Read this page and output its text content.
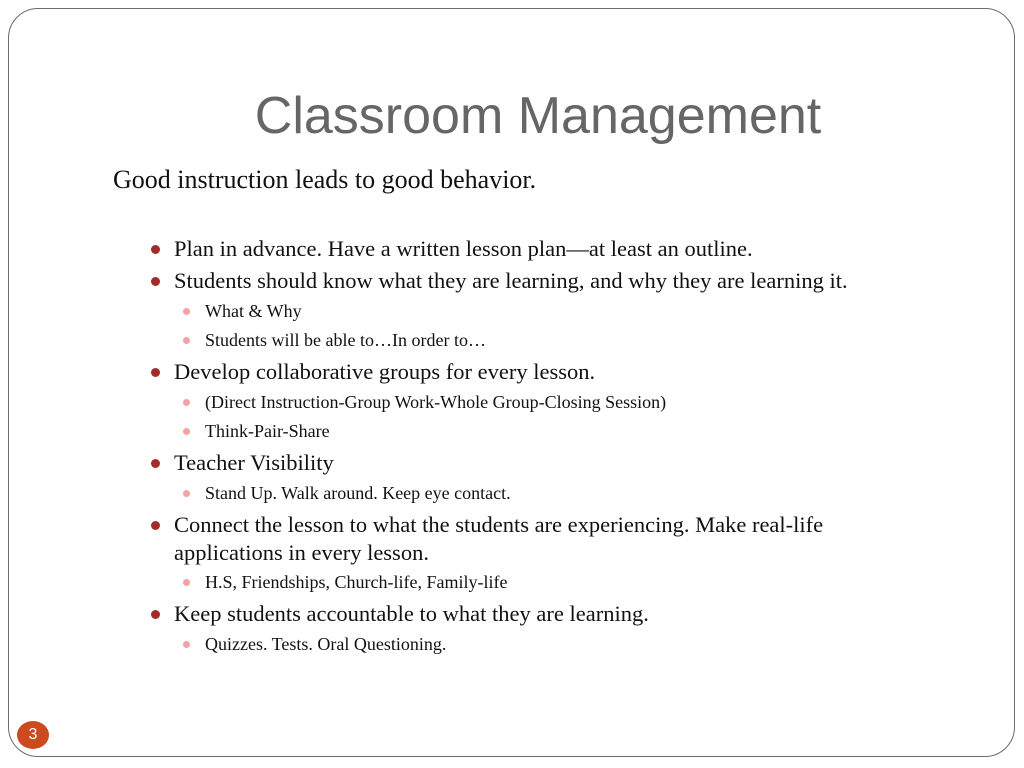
Classroom Management
Good instruction leads to good behavior.
Plan in advance. Have a written lesson plan—at least an outline.
Students should know what they are learning, and why they are learning it.
What & Why
Students will be able to…In order to…
Develop collaborative groups for every lesson.
(Direct Instruction-Group Work-Whole Group-Closing Session)
Think-Pair-Share
Teacher Visibility
Stand Up. Walk around. Keep eye contact.
Connect the lesson to what the students are experiencing. Make real-life applications in every lesson.
H.S, Friendships, Church-life, Family-life
Keep students accountable to what they are learning.
Quizzes. Tests. Oral Questioning.
3
